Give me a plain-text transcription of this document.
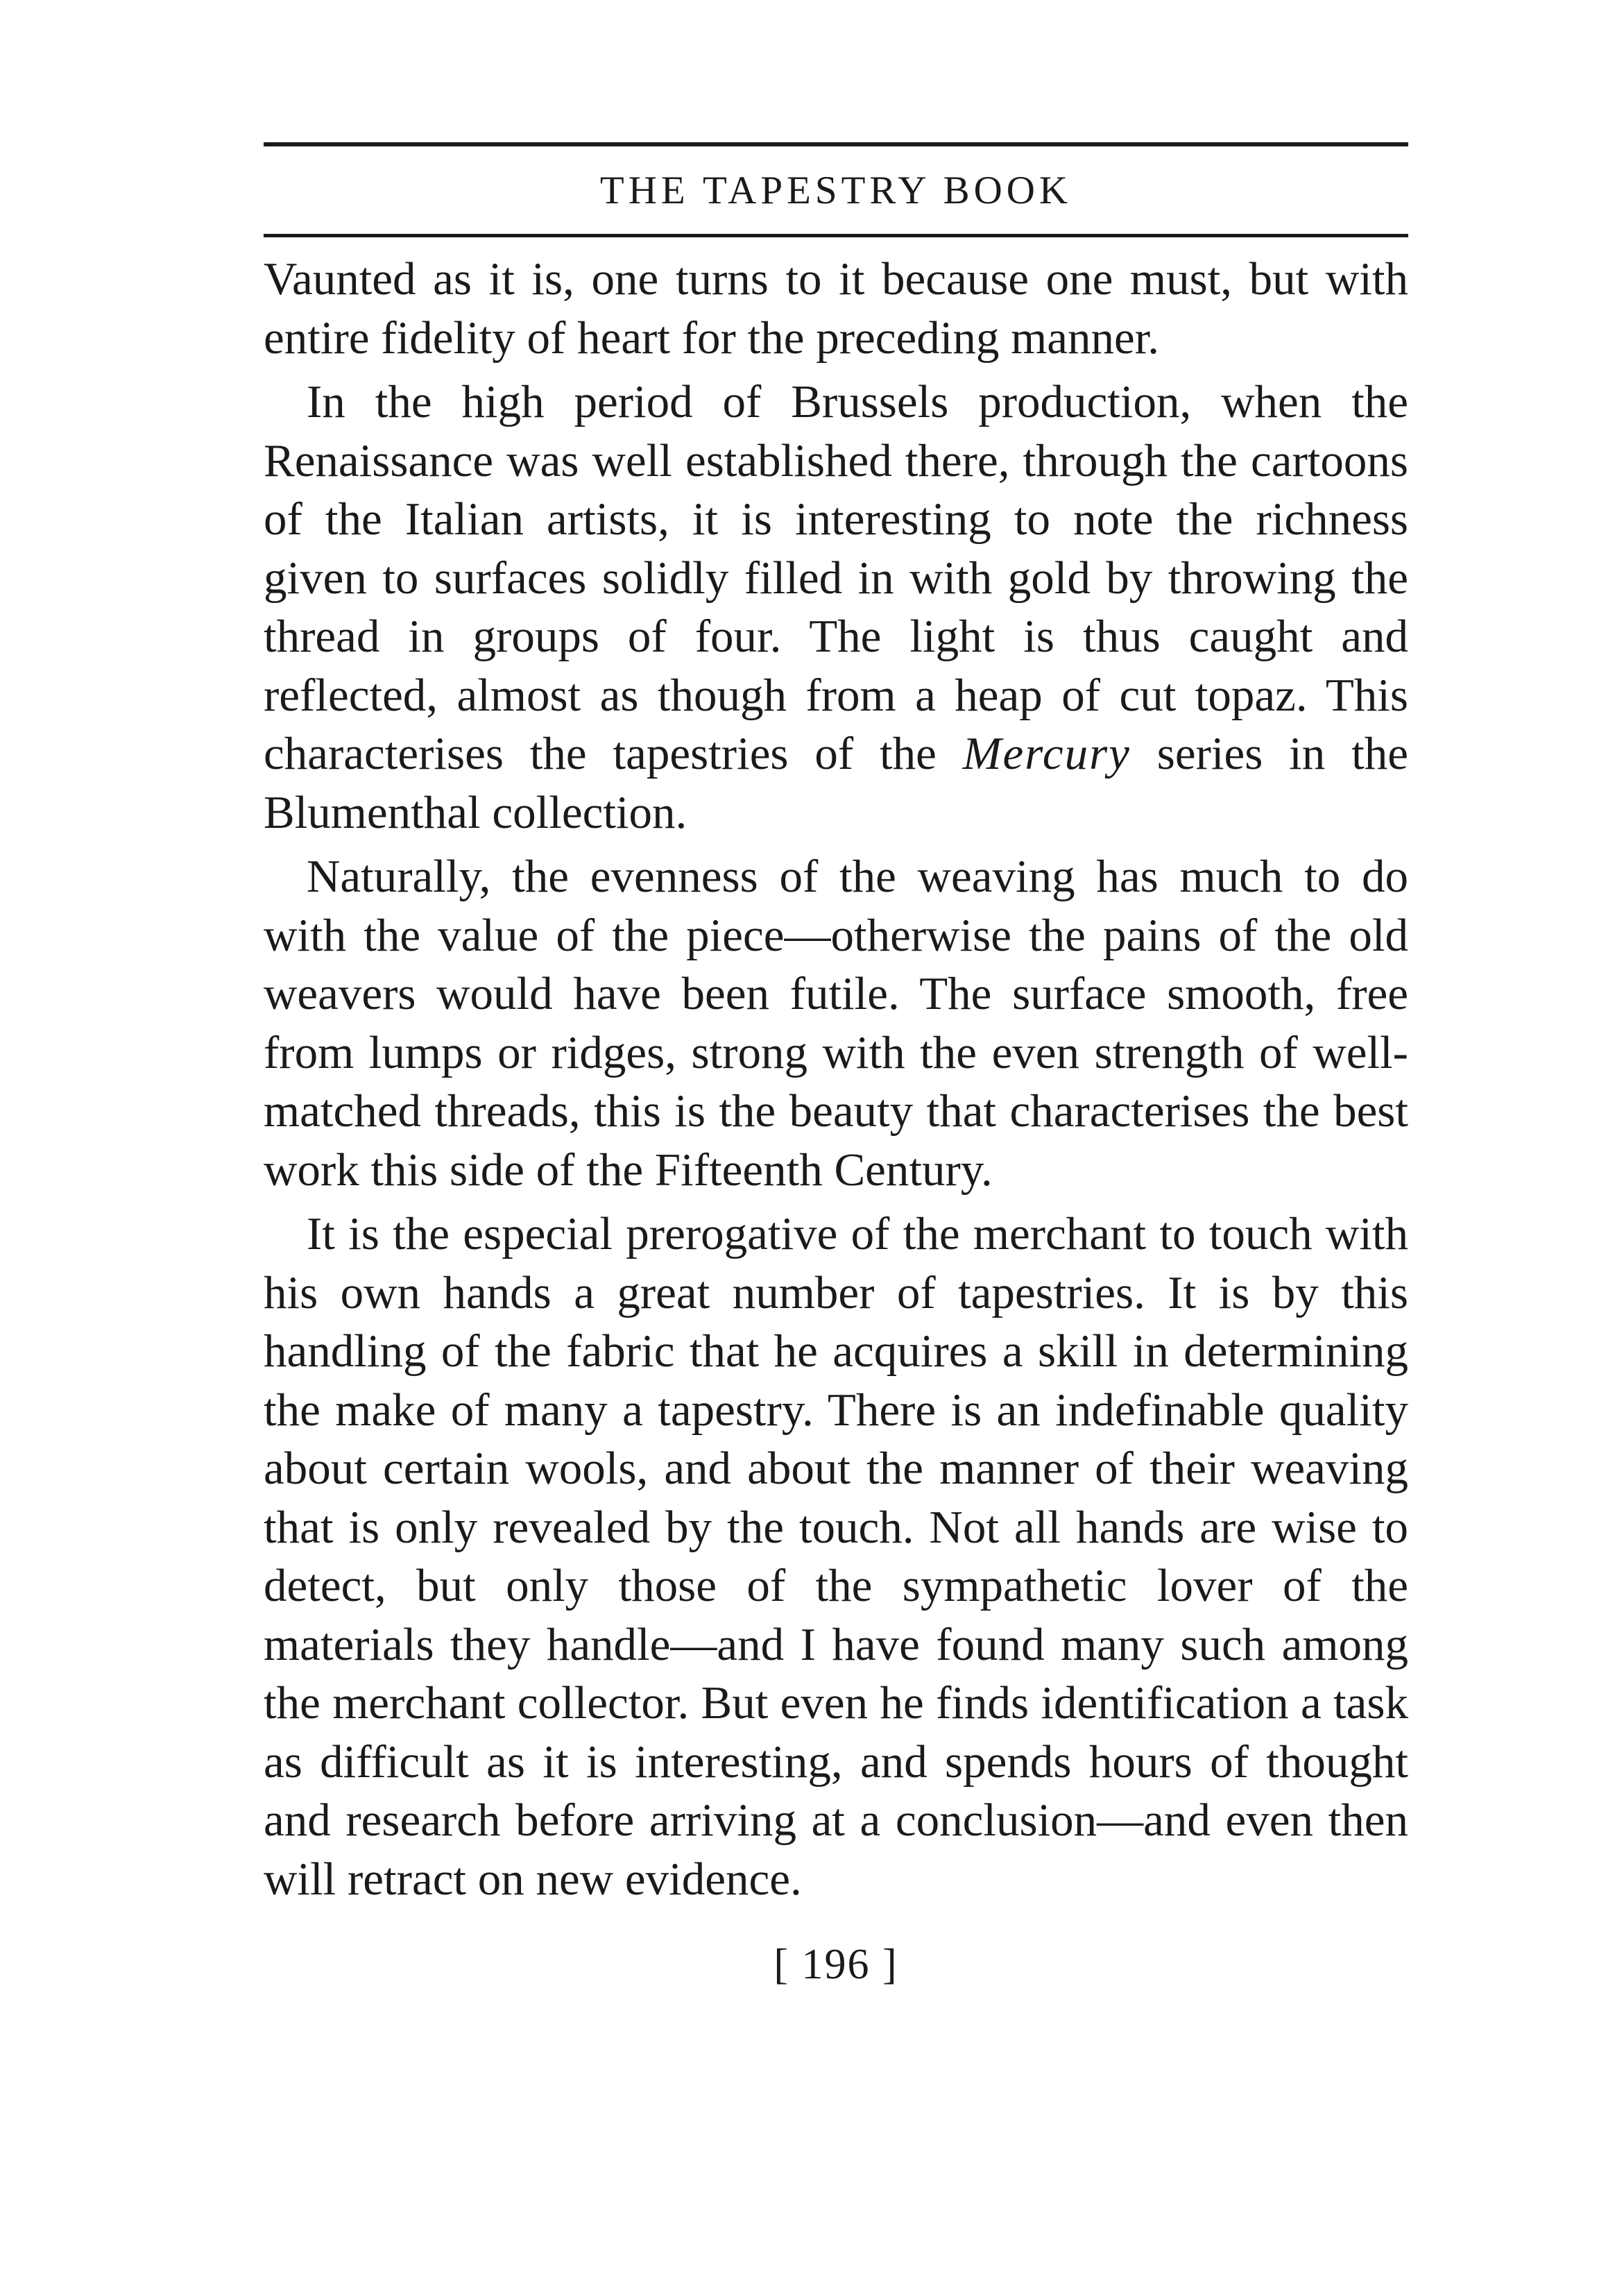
THE TAPESTRY BOOK

Vaunted as it is, one turns to it because one must, but with entire fidelity of heart for the preceding manner.

In the high period of Brussels production, when the Renaissance was well established there, through the cartoons of the Italian artists, it is interesting to note the richness given to surfaces solidly filled in with gold by throwing the thread in groups of four. The light is thus caught and reflected, almost as though from a heap of cut topaz. This characterises the tapestries of the Mercury series in the Blumenthal collection.

Naturally, the evenness of the weaving has much to do with the value of the piece—otherwise the pains of the old weavers would have been futile. The surface smooth, free from lumps or ridges, strong with the even strength of well-matched threads, this is the beauty that characterises the best work this side of the Fifteenth Century.

It is the especial prerogative of the merchant to touch with his own hands a great number of tapestries. It is by this handling of the fabric that he acquires a skill in determining the make of many a tapestry. There is an indefinable quality about certain wools, and about the manner of their weaving that is only revealed by the touch. Not all hands are wise to detect, but only those of the sympathetic lover of the materials they handle—and I have found many such among the merchant collector. But even he finds identification a task as difficult as it is interesting, and spends hours of thought and research before arriving at a conclusion—and even then will retract on new evidence.

[ 196 ]
